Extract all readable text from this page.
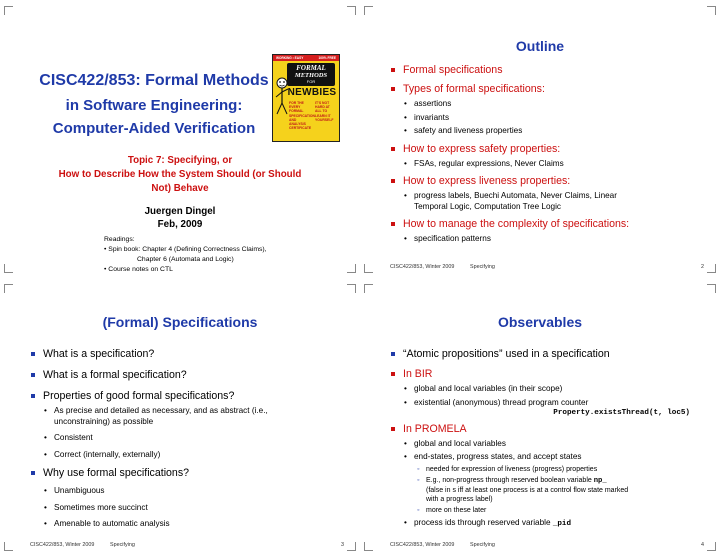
WORKING • EASY	100% FREE
FORMAL
METHODS
FOR
NEWBIES
FOR THE EVERY FORMAL SPECIFICATION AND ANALYSIS CERTIFICATE
IT'S NOT HARD AT ALL TO LEARN IT YOURSELF
CISC422/853: Formal Methods
in Software Engineering:
Computer-Aided Verification
Topic 7: Specifying, or
How to Describe How the System Should (or Should
Not) Behave
Juergen Dingel
Feb, 2009
Readings:
• Spin book: Chapter 4 (Defining Correctness Claims),
Chapter 6 (Automata and Logic)
• Course notes on CTL
Outline
Formal specifications
Types of formal specifications:
• assertions
• invariants
• safety and liveness properties
How to express safety properties:
• FSAs, regular expressions, Never Claims
How to express liveness properties:
• progress labels, Buechi Automata, Never Claims, Linear
Temporal Logic, Computation Tree Logic
How to manage the complexity of specifications:
• specification patterns
CISC422/853, Winter 2009	Specifying	2
(Formal) Specifications
What is a specification?
What is a formal specification?
Properties of good formal specifications?
• As precise and detailed as necessary, and as abstract (i.e.,
unconstraining) as possible
• Consistent
• Correct (internally, externally)
Why use formal specifications?
• Unambiguous
• Sometimes more succinct
• Amenable to automatic analysis
CISC422/853, Winter 2009	Specifying	3
Observables
“Atomic propositions” used in a specification
In BIR
• global and local variables (in their scope)
• existential (anonymous) thread program counter

Property.existsThread(t, loc5)
In PROMELA
• global and local variables
• end-states, progress states, and accept states
◦ needed for expression of liveness (progress) properties
◦ E.g., non-progress through reserved boolean variable np_
(false in s iff at least one process is at a control flow state marked
with a progress label)
◦ more on these later
• process ids through reserved variable _pid
CISC422/853, Winter 2009	Specifying	4
